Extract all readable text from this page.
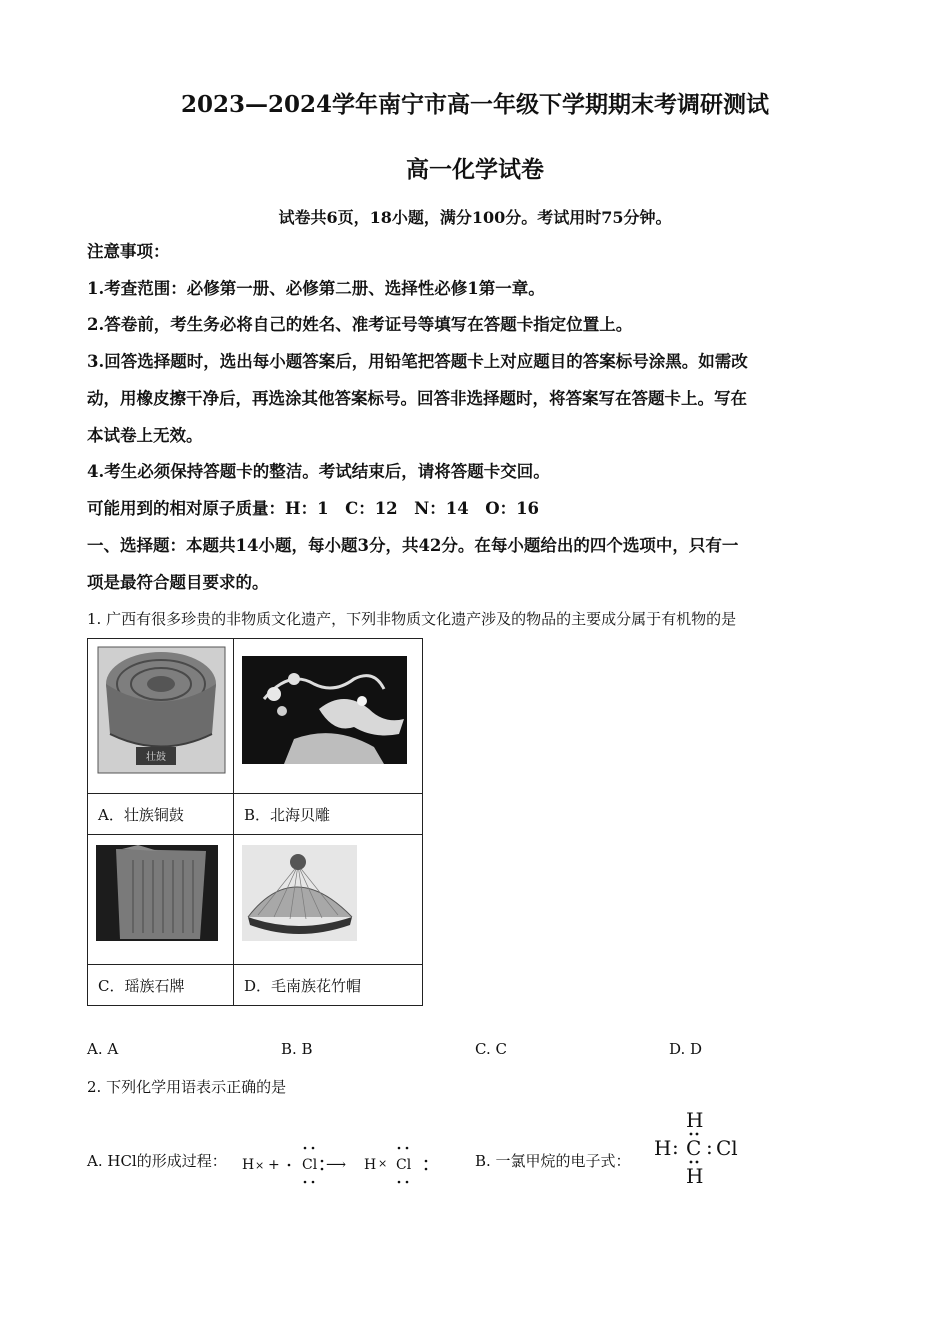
2023—2024学年南宁市高一年级下学期期末考调研测试
高一化学试卷
试卷共6页，18小题，满分100分。考试用时75分钟。
注意事项：
1.考查范围：必修第一册、必修第二册、选择性必修1第一章。
2.答卷前，考生务必将自己的姓名、准考证号等填写在答题卡指定位置上。
3.回答选择题时，选出每小题答案后，用铅笔把答题卡上对应题目的答案标号涂黑。如需改
动，用橡皮擦干净后，再选涂其他答案标号。回答非选择题时，将答案写在答题卡上。写在
本试卷上无效。
4.考生必须保持答题卡的整洁。考试结束后，请将答题卡交回。
可能用到的相对原子质量：H：1　C：12　N：14　O：16
一、选择题：本题共14小题，每小题3分，共42分。在每小题给出的四个选项中，只有一
项是最符合题目要求的。
1. 广西有很多珍贵的非物质文化遗产，下列非物质文化遗产涉及的物品的主要成分属于有机物的是
壮鼓

A．壮族铜鼓	B．北海贝雕

C．瑶族石牌	D．毛南族花竹帽
A. A	B. B	C. C	D. D
2. 下列化学用语表示正确的是
A. HCl的形成过程： H × + Cl ⟶ H × Cl	B. 一氯甲烷的电子式：
H
H : C : Cl
H
